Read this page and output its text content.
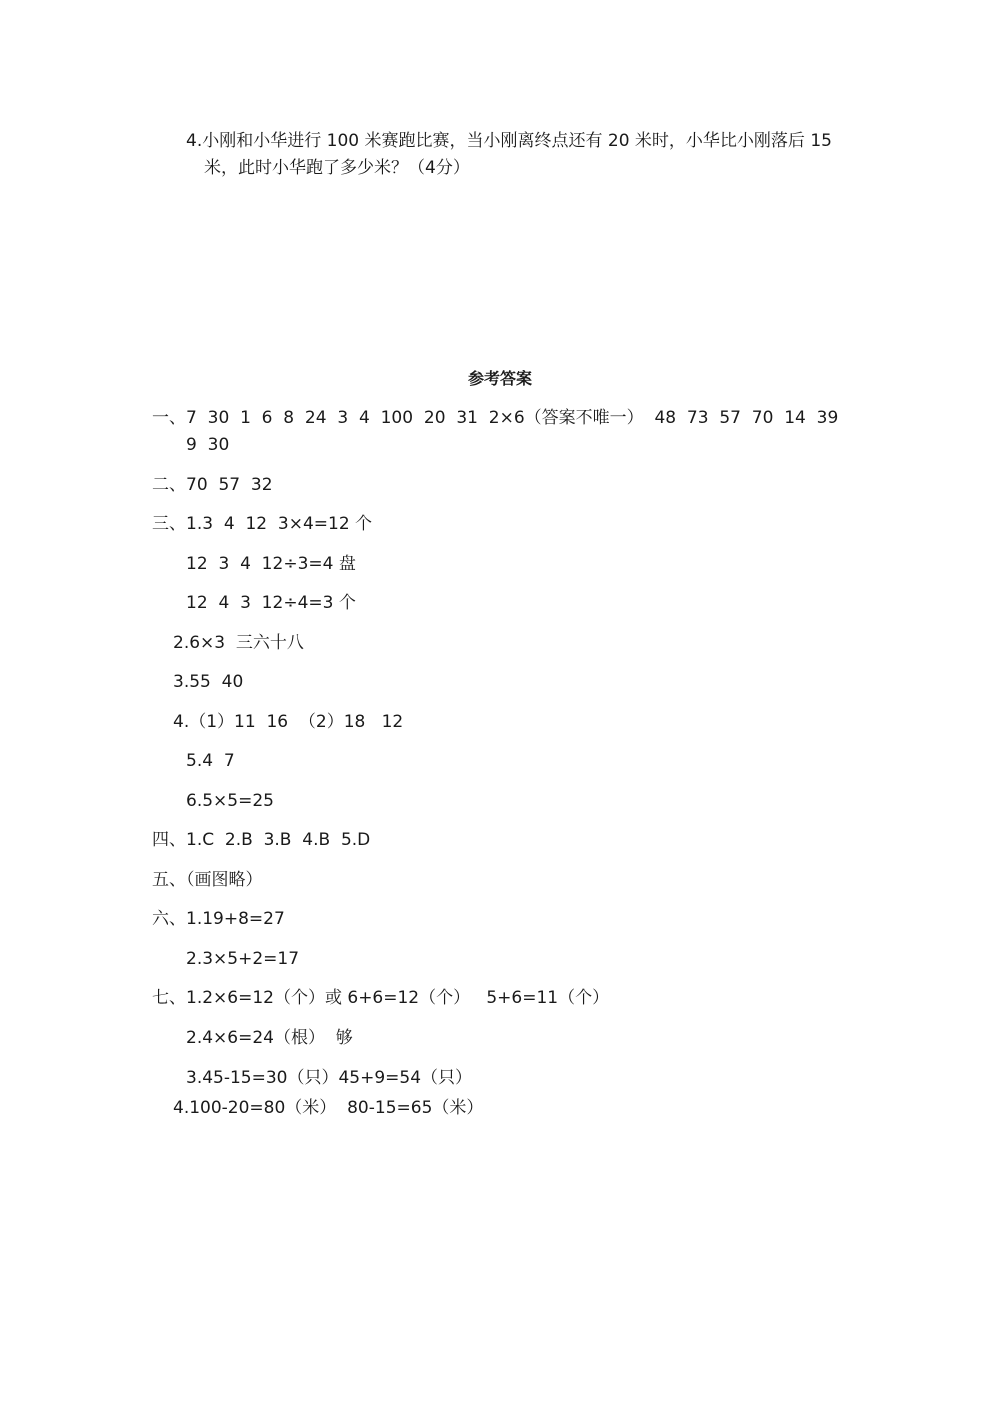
4.小刚和小华进行 100 米赛跑比赛，当小刚离终点还有 20 米时，小华比小刚落后 15
米，此时小华跑了多少米？（4分）
参考答案
一、7  30  1  6  8  24  3  4  100  20  31  2×6（答案不唯一）  48  73  57  70  14  39
9  30
二、70  57  32
三、1.3  4  12  3×4=12 个
12  3  4  12÷3=4 盘
12  4  3  12÷4=3 个
2.6×3  三六十八
3.55  40
4.（1）11  16  （2）18   12
5.4  7
6.5×5=25
四、1.C  2.B  3.B  4.B  5.D
五、（画图略）
六、1.19+8=27
2.3×5+2=17
七、1.2×6=12（个）或 6+6=12（个）   5+6=11（个）
2.4×6=24（根）  够
3.45-15=30（只）45+9=54（只）
4.100-20=80（米）  80-15=65（米）
